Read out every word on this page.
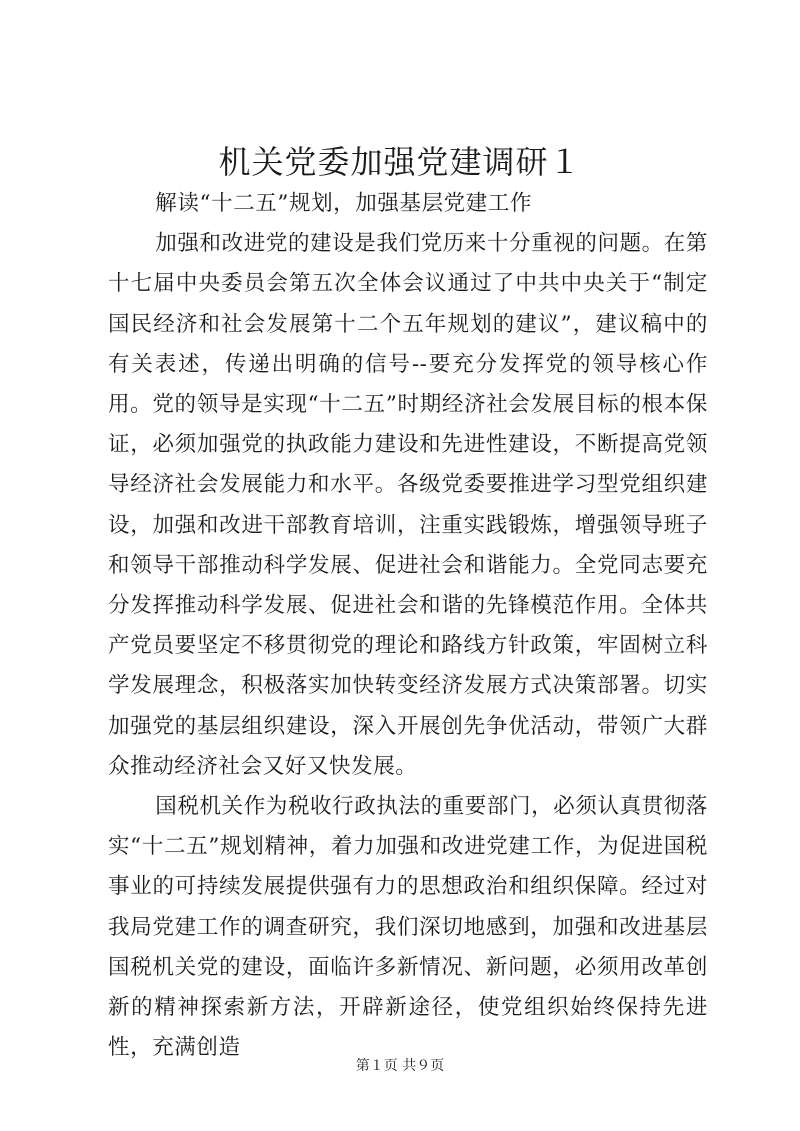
机关党委加强党建调研１

解读“十二五”规划，加强基层党建工作

加强和改进党的建设是我们党历来十分重视的问题。在第十七届中央委员会第五次全体会议通过了中共中央关于“制定国民经济和社会发展第十二个五年规划的建议”，建议稿中的有关表述，传递出明确的信号--要充分发挥党的领导核心作用。党的领导是实现“十二五”时期经济社会发展目标的根本保证，必须加强党的执政能力建设和先进性建设，不断提高党领导经济社会发展能力和水平。各级党委要推进学习型党组织建设，加强和改进干部教育培训，注重实践锻炼，增强领导班子和领导干部推动科学发展、促进社会和谐能力。全党同志要充分发挥推动科学发展、促进社会和谐的先锋模范作用。全体共产党员要坚定不移贯彻党的理论和路线方针政策，牢固树立科学发展理念，积极落实加快转变经济发展方式决策部署。切实加强党的基层组织建设，深入开展创先争优活动，带领广大群众推动经济社会又好又快发展。

国税机关作为税收行政执法的重要部门，必须认真贯彻落实“十二五”规划精神，着力加强和改进党建工作，为促进国税事业的可持续发展提供强有力的思想政治和组织保障。经过对我局党建工作的调查研究，我们深切地感到，加强和改进基层国税机关党的建设，面临许多新情况、新问题，必须用改革创新的精神探索新方法，开辟新途径，使党组织始终保持先进性，充满创造

第１页 共９页
